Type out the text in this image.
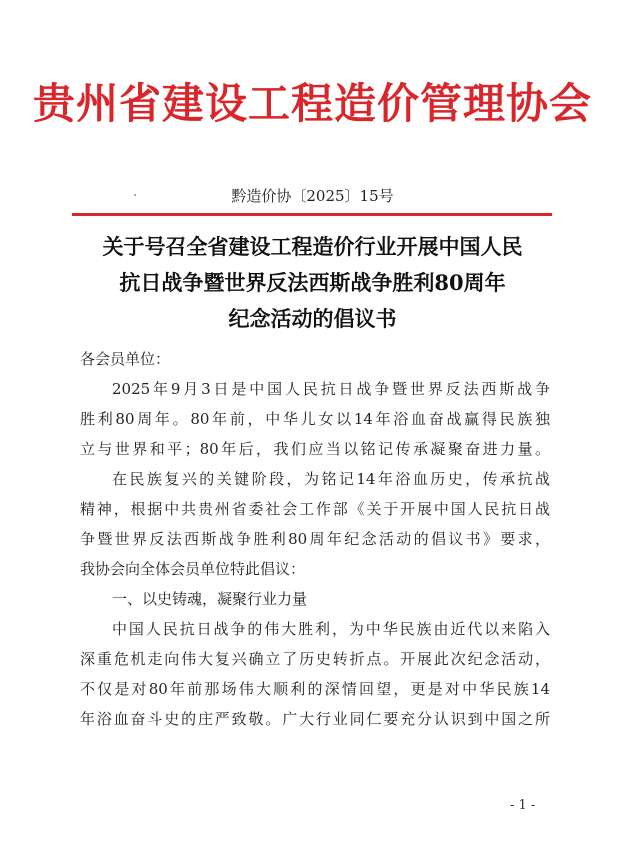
贵州省建设工程造价管理协会
黔造价协〔2025〕15号
关于号召全省建设工程造价行业开展中国人民
抗日战争暨世界反法西斯战争胜利80周年
纪念活动的倡议书
各会员单位：
2025年9月3日是中国人民抗日战争暨世界反法西斯战争
胜利80周年。80年前，中华儿女以14年浴血奋战赢得民族独
立与世界和平；80年后，我们应当以铭记传承凝聚奋进力量。
在民族复兴的关键阶段，为铭记14年浴血历史，传承抗战
精神，根据中共贵州省委社会工作部《关于开展中国人民抗日战
争暨世界反法西斯战争胜利80周年纪念活动的倡议书》要求，
我协会向全体会员单位特此倡议：
一、以史铸魂，凝聚行业力量
中国人民抗日战争的伟大胜利，为中华民族由近代以来陷入
深重危机走向伟大复兴确立了历史转折点。开展此次纪念活动，
不仅是对80年前那场伟大顺利的深情回望，更是对中华民族14
年浴血奋斗史的庄严致敬。广大行业同仁要充分认识到中国之所
- 1 -
